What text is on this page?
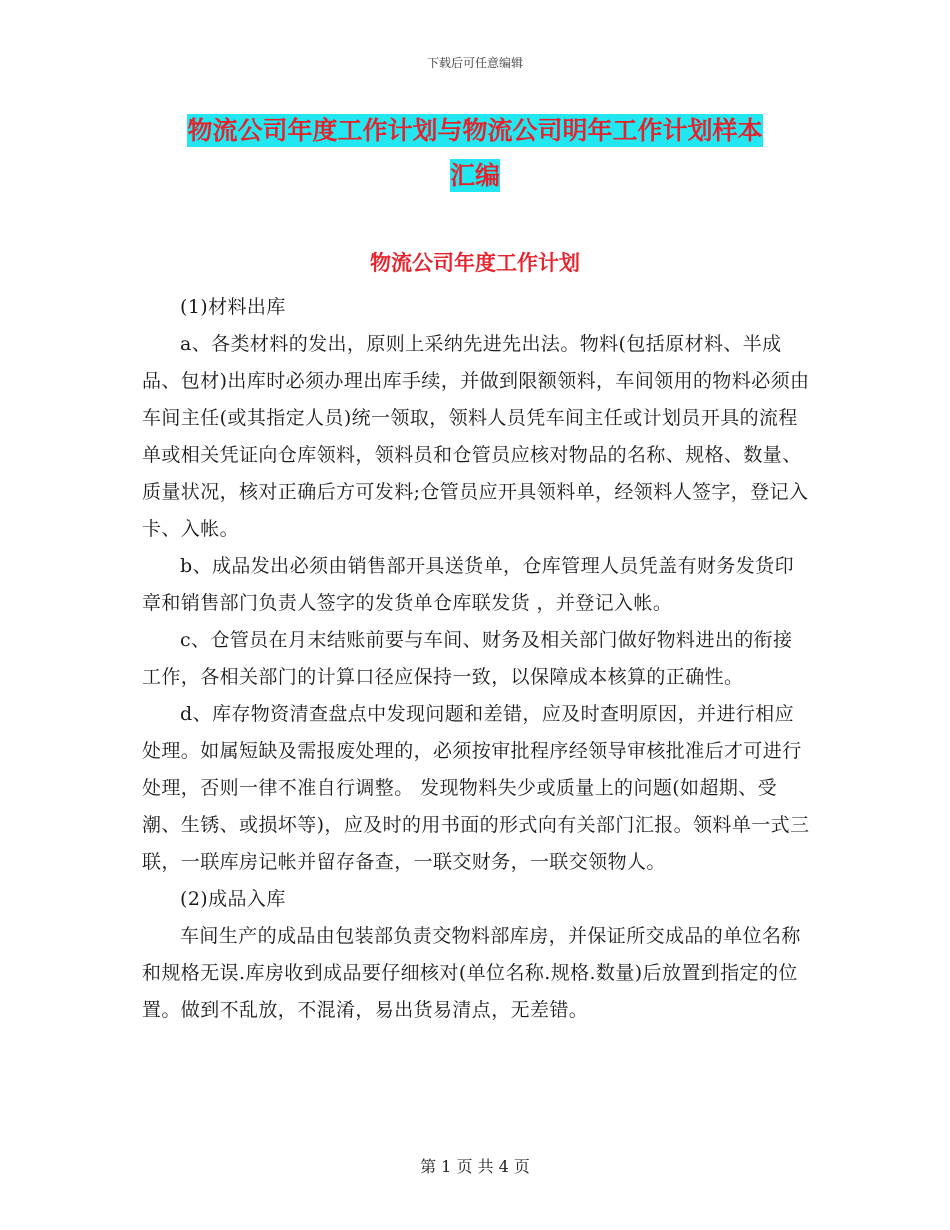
下载后可任意编辑
物流公司年度工作计划与物流公司明年工作计划样本
汇编
物流公司年度工作计划

(1)材料出库

a、各类材料的发出，原则上采纳先进先出法。物料(包括原材料、半成品、包材)出库时必须办理出库手续，并做到限额领料，车间领用的物料必须由车间主任(或其指定人员)统一领取，领料人员凭车间主任或计划员开具的流程单或相关凭证向仓库领料，领料员和仓管员应核对物品的名称、规格、数量、质量状况，核对正确后方可发料;仓管员应开具领料单，经领料人签字，登记入卡、入帐。

b、成品发出必须由销售部开具送货单，仓库管理人员凭盖有财务发货印章和销售部门负责人签字的发货单仓库联发货 ，并登记入帐。

c、仓管员在月末结账前要与车间、财务及相关部门做好物料进出的衔接工作，各相关部门的计算口径应保持一致，以保障成本核算的正确性。

d、库存物资清查盘点中发现问题和差错，应及时查明原因，并进行相应处理。如属短缺及需报废处理的，必须按审批程序经领导审核批准后才可进行处理，否则一律不准自行调整。 发现物料失少或质量上的问题(如超期、受潮、生锈、或损坏等)，应及时的用书面的形式向有关部门汇报。领料单一式三联，一联库房记帐并留存备查，一联交财务，一联交领物人。

(2)成品入库

车间生产的成品由包装部负责交物料部库房，并保证所交成品的单位名称和规格无误.库房收到成品要仔细核对(单位名称.规格.数量)后放置到指定的位置。做到不乱放，不混淆，易出货易清点，无差错。

第 1 页 共 4 页
